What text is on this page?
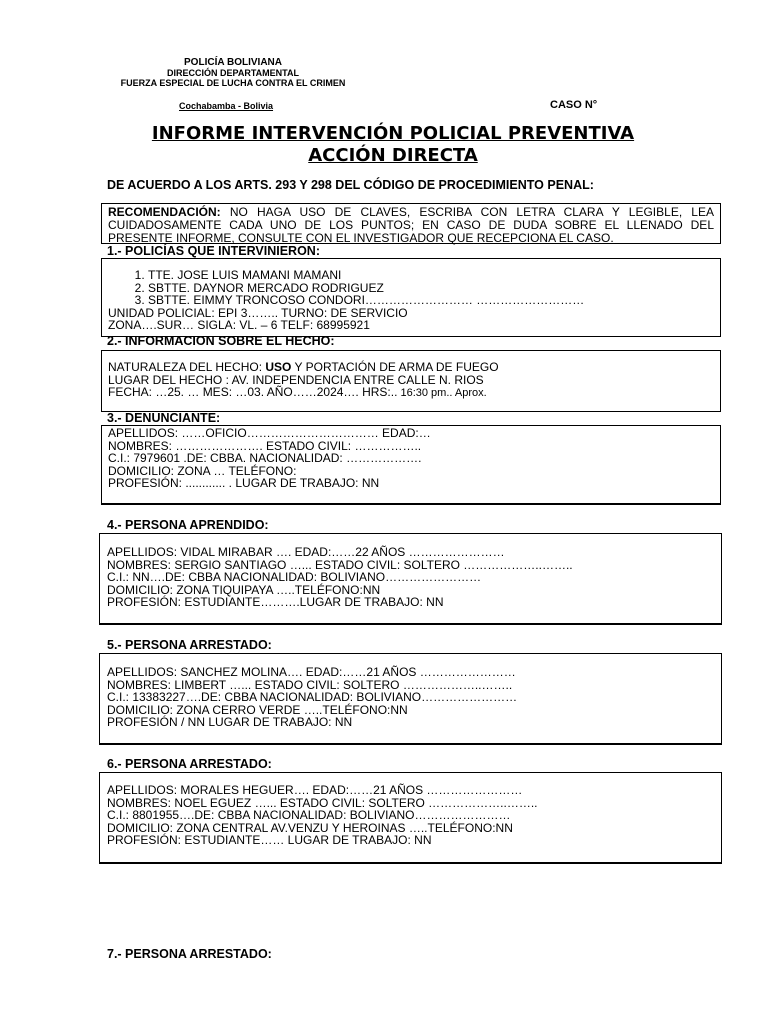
POLICÍA BOLIVIANA
DIRECCIÓN DEPARTAMENTAL
FUERZA ESPECIAL DE LUCHA CONTRA EL CRIMEN
Cochabamba - Bolivia	CASO N°
INFORME INTERVENCIÓN POLICIAL PREVENTIVA
ACCIÓN DIRECTA
DE ACUERDO A LOS ARTS. 293 Y 298 DEL CÓDIGO DE PROCEDIMIENTO PENAL:
RECOMENDACIÓN: NO HAGA USO DE CLAVES, ESCRIBA CON LETRA CLARA Y LEGIBLE, LEA CUIDADOSAMENTE CADA UNO DE LOS PUNTOS; EN CASO DE DUDA SOBRE EL LLENADO DEL PRESENTE INFORME, CONSULTE CON EL INVESTIGADOR QUE RECEPCIONA EL CASO.
1.- POLICÍAS QUE INTERVINIERON:
1. TTE. JOSE LUIS MAMANI MAMANI
2. SBTTE. DAYNOR MERCADO RODRIGUEZ
3. SBTTE. EIMMY TRONCOSO CONDORI……………………… ………………………
UNIDAD POLICIAL: EPI 3…….. TURNO: DE SERVICIO
ZONA….SUR… SIGLA: VL. – 6 TELF: 68995921
2.- INFORMACION SOBRE EL HECHO:
NATURALEZA DEL HECHO: USO Y PORTACIÓN DE ARMA DE FUEGO
LUGAR DEL HECHO : AV. INDEPENDENCIA ENTRE CALLE N. RIOS
FECHA: …25. … MES: …03. AÑO……2024…. HRS:.. 16:30 pm.. Aprox.
3.- DENUNCIANTE:
APELLIDOS: ……OFICIO…………………………… EDAD:…
NOMBRES: …………………. ESTADO CIVIL: ……………..
C.I.: 7979601 .DE: CBBA. NACIONALIDAD: ……………….
DOMICILIO: ZONA … TELÉFONO:
PROFESIÓN: ............ . LUGAR DE TRABAJO: NN
4.- PERSONA APRENDIDO:
APELLIDOS: VIDAL MIRABAR …. EDAD:……22 AÑOS ……………………
NOMBRES: SERGIO SANTIAGO …... ESTADO CIVIL: SOLTERO ………………..……..
C.I.: NN….DE: CBBA NACIONALIDAD: BOLIVIANO……………………
DOMICILIO: ZONA TIQUIPAYA …..TELÉFONO:NN
PROFESIÓN: ESTUDIANTE……….LUGAR DE TRABAJO: NN
5.- PERSONA ARRESTADO:
APELLIDOS: SANCHEZ MOLINA…. EDAD:……21 AÑOS ……………………
NOMBRES: LIMBERT …... ESTADO CIVIL: SOLTERO ………………..……..
C.I.: 13383227….DE: CBBA NACIONALIDAD: BOLIVIANO……………………
DOMICILIO: ZONA CERRO VERDE …..TELÉFONO:NN
PROFESIÓN / NN LUGAR DE TRABAJO: NN
6.- PERSONA ARRESTADO:
APELLIDOS: MORALES HEGUER…. EDAD:……21 AÑOS ……………………
NOMBRES: NOEL EGUEZ …... ESTADO CIVIL: SOLTERO ………………..……..
C.I.: 8801955….DE: CBBA NACIONALIDAD: BOLIVIANO……………………
DOMICILIO: ZONA CENTRAL AV.VENZU Y HEROINAS …..TELÉFONO:NN
PROFESIÓN: ESTUDIANTE…… LUGAR DE TRABAJO: NN
7.- PERSONA ARRESTADO:
